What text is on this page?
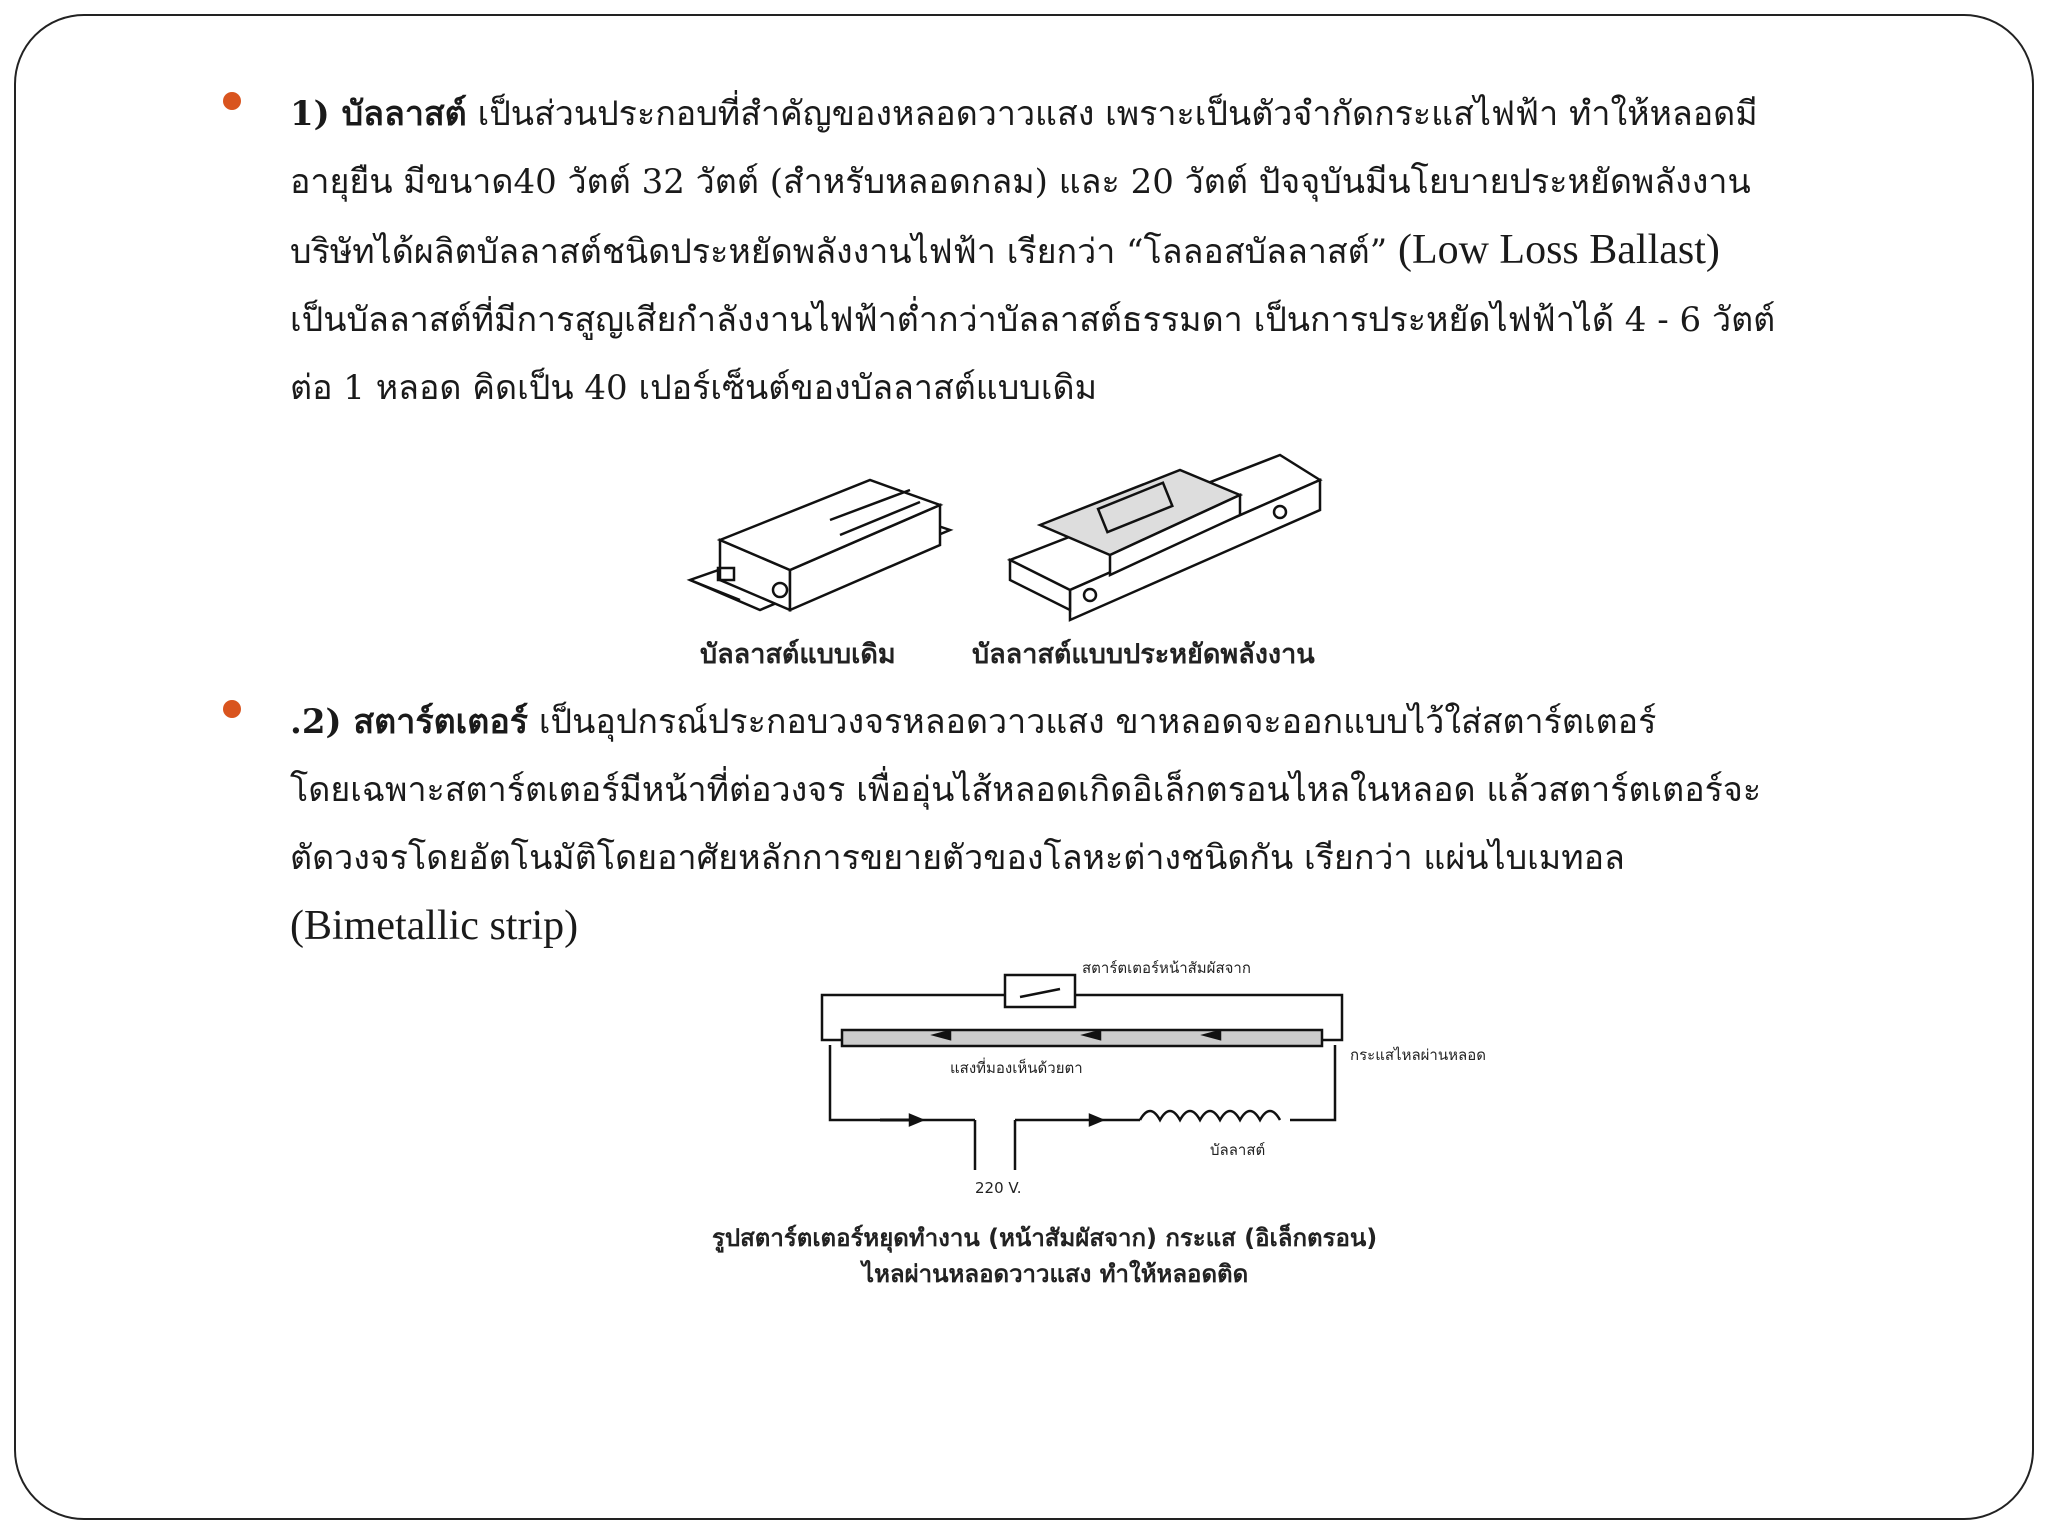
1) บัลลาสต์ เป็นส่วนประกอบที่สำคัญของหลอดวาวแสง เพราะเป็นตัวจำกัดกระแสไฟฟ้า ทำให้หลอดมี
อายุยืน มีขนาด40 วัตต์ 32 วัตต์ (สำหรับหลอดกลม) และ 20 วัตต์ ปัจจุบันมีนโยบายประหยัดพลังงาน
บริษัทได้ผลิตบัลลาสต์ชนิดประหยัดพลังงานไฟฟ้า เรียกว่า “โลลอสบัลลาสต์” (Low Loss Ballast)
เป็นบัลลาสต์ที่มีการสูญเสียกำลังงานไฟฟ้าต่ำกว่าบัลลาสต์ธรรมดา เป็นการประหยัดไฟฟ้าได้ 4 - 6 วัตต์
ต่อ 1 หลอด คิดเป็น 40 เปอร์เซ็นต์ของบัลลาสต์แบบเดิม

บัลลาสต์แบบเดิม	บัลลาสต์แบบประหยัดพลังงาน

.2) สตาร์ตเตอร์ เป็นอุปกรณ์ประกอบวงจรหลอดวาวแสง ขาหลอดจะออกแบบไว้ใส่สตาร์ตเตอร์
โดยเฉพาะสตาร์ตเตอร์มีหน้าที่ต่อวงจร เพื่ออุ่นไส้หลอดเกิดอิเล็กตรอนไหลในหลอด แล้วสตาร์ตเตอร์จะ
ตัดวงจรโดยอัตโนมัติโดยอาศัยหลักการขยายตัวของโลหะต่างชนิดกัน เรียกว่า แผ่นไบเมทอล
(Bimetallic strip)

สตาร์ตเตอร์หน้าสัมผัสจาก
กระแสไหลผ่านหลอด
แสงที่มองเห็นด้วยตา
บัลลาสต์
220 V.
รูปสตาร์ตเตอร์หยุดทำงาน (หน้าสัมผัสจาก) กระแส (อิเล็กตรอน)
ไหลผ่านหลอดวาวแสง ทำให้หลอดติด
